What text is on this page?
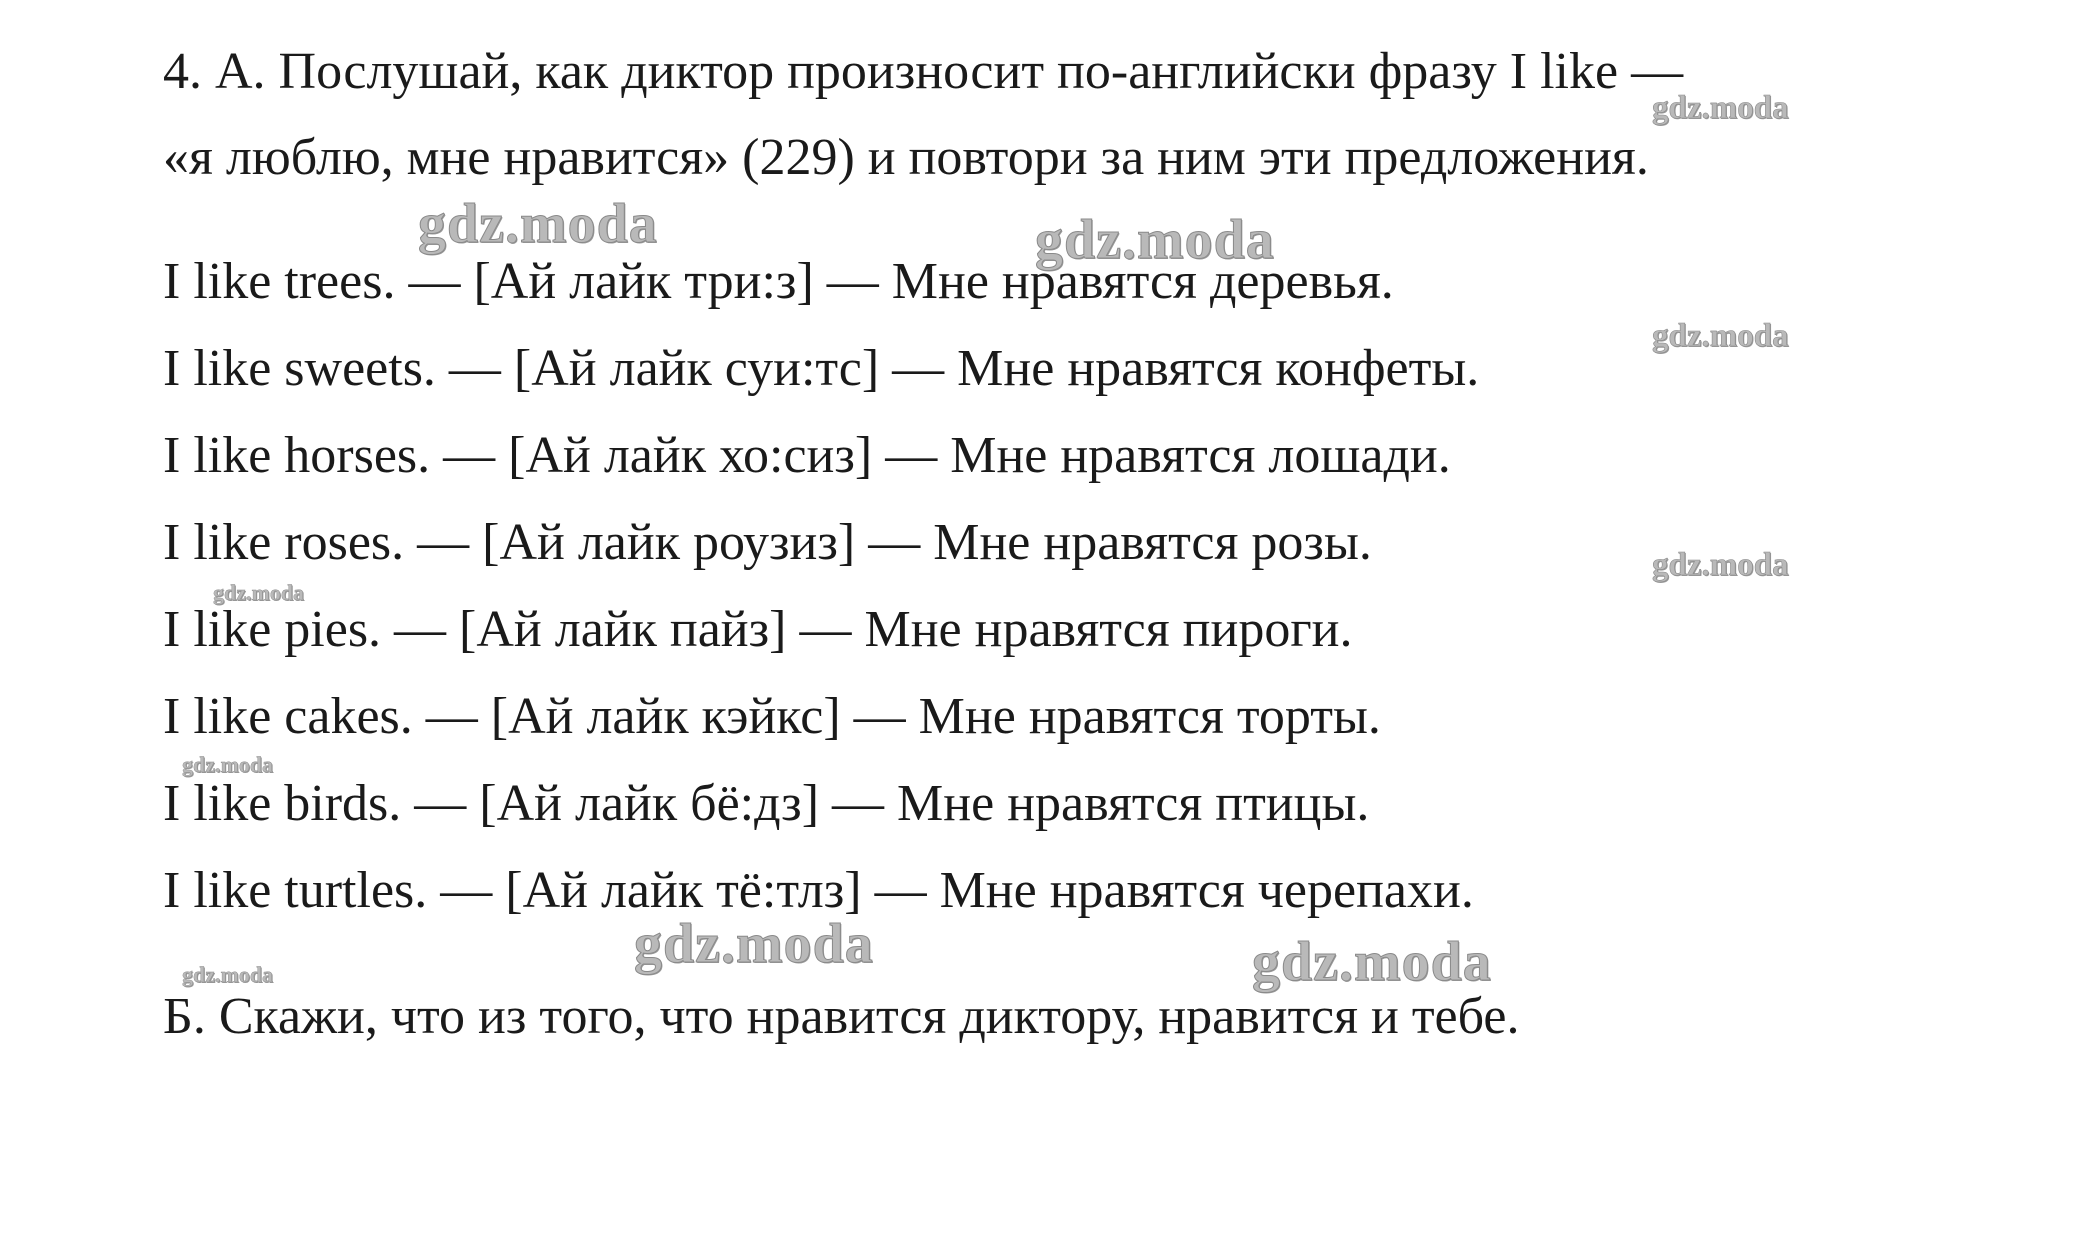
4. А. Послушай, как диктор произносит по-английски фразу I like —
«я люблю, мне нравится» (229) и повтори за ним эти предложения.
I like trees. — [Ай лайк три:з] — Мне нравятся деревья.
I like sweets. — [Ай лайк суи:тс] — Мне нравятся конфеты.
I like horses. — [Ай лайк хо:сиз] — Мне нравятся лошади.
I like roses. — [Ай лайк роузиз] — Мне нравятся розы.
I like pies. — [Ай лайк пайз] — Мне нравятся пироги.
I like cakes. — [Ай лайк кэйкс] — Мне нравятся торты.
I like birds. — [Ай лайк бё:дз] — Мне нравятся птицы.
I like turtles. — [Ай лайк тё:тлз] — Мне нравятся черепахи.
Б. Скажи, что из того, что нравится диктору, нравится и тебе.
gdz.moda
gdz.moda	gdz.moda
gdz.moda
gdz.moda
gdz.moda
gdz.moda
gdz.moda	gdz.moda
gdz.moda
